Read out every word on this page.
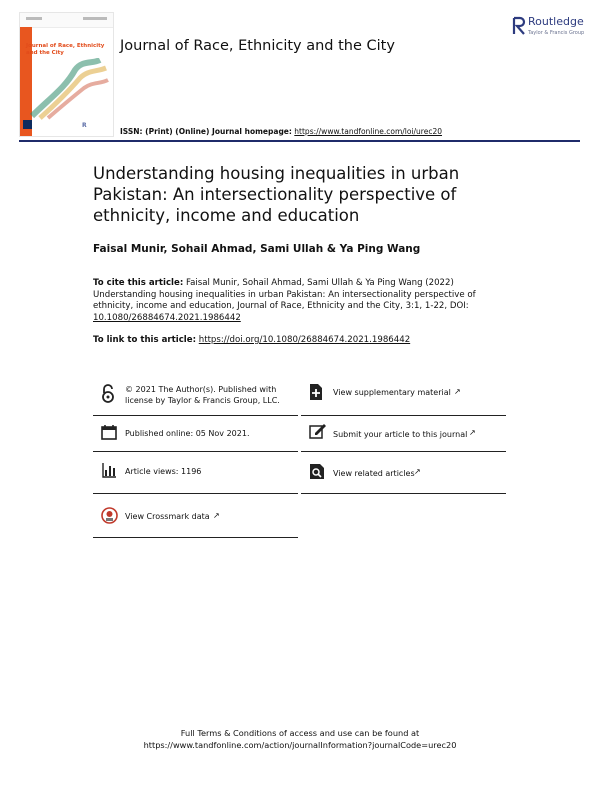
Journal of Race, Ethnicity and the City
R
Journal of Race, Ethnicity and the City
Routledge
Taylor & Francis Group
ISSN: (Print) (Online) Journal homepage: https://www.tandfonline.com/loi/urec20
Understanding housing inequalities in urban Pakistan: An intersectionality perspective of ethnicity, income and education
Faisal Munir, Sohail Ahmad, Sami Ullah & Ya Ping Wang
To cite this article: Faisal Munir, Sohail Ahmad, Sami Ullah & Ya Ping Wang (2022) Understanding housing inequalities in urban Pakistan: An intersectionality perspective of ethnicity, income and education, Journal of Race, Ethnicity and the City, 3:1, 1-22, DOI: 10.1080/26884674.2021.1986442
To link to this article: https://doi.org/10.1080/26884674.2021.1986442
© 2021 The Author(s). Published with
license by Taylor & Francis Group, LLC.
Published online: 05 Nov 2021.
Article views: 1196
View Crossmark data ↗
View supplementary material ↗
Submit your article to this journal ↗
View related articles ↗
Full Terms & Conditions of access and use can be found at
https://www.tandfonline.com/action/journalInformation?journalCode=urec20
